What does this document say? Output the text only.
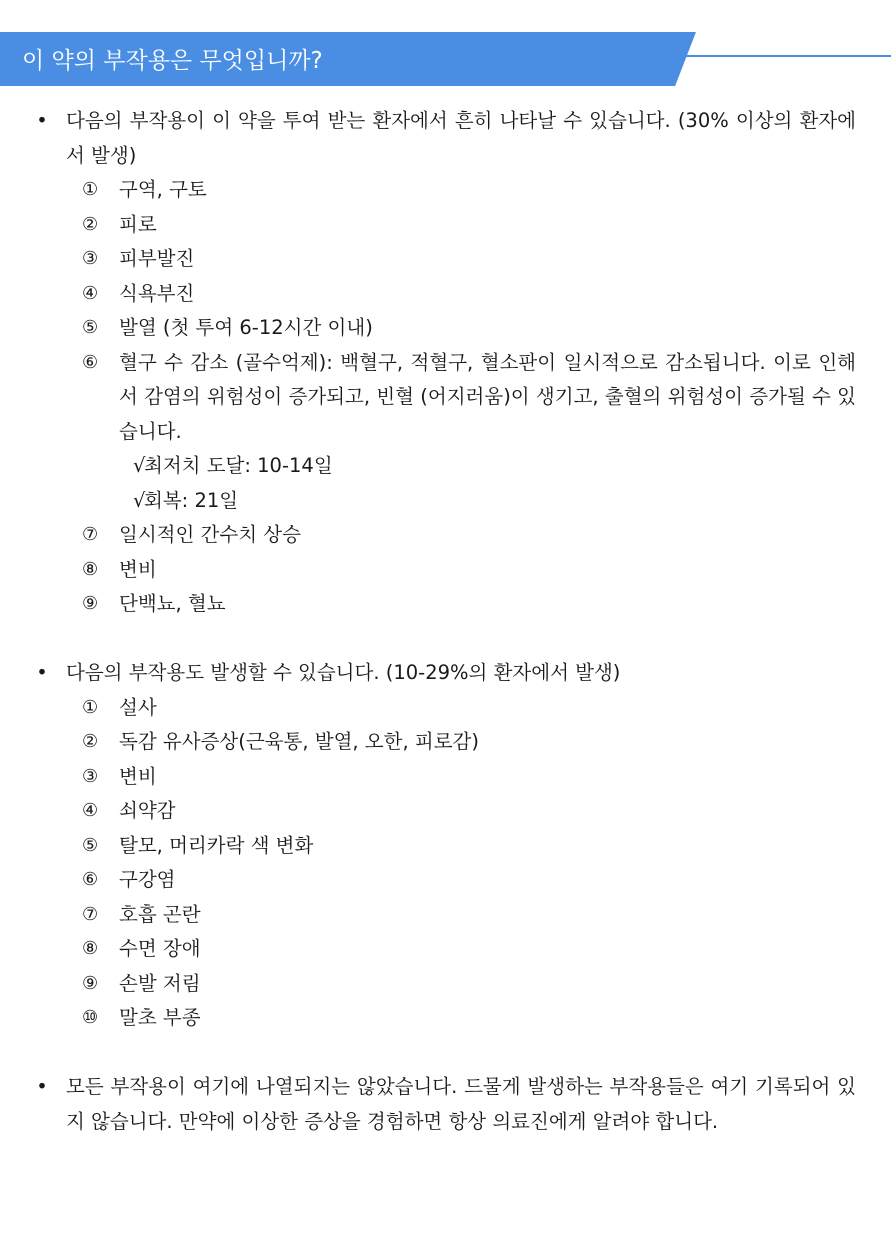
이 약의 부작용은 무엇입니까?
• 다음의 부작용이 이 약을 투여 받는 환자에서 흔히 나타날 수 있습니다. (30% 이상의 환자에서 발생)
①	구역, 구토
②	피로
③	피부발진
④	식욕부진
⑤	발열 (첫 투여 6-12시간 이내)
⑥	혈구 수 감소 (골수억제): 백혈구, 적혈구, 혈소판이 일시적으로 감소됩니다. 이로 인해서 감염의 위험성이 증가되고, 빈혈 (어지러움)이 생기고, 출혈의 위험성이 증가될 수 있습니다.
√
최저치 도달: 10-14일
√
회복: 21일
⑦	일시적인 간수치 상승
⑧	변비
⑨	단백뇨, 혈뇨
• 다음의 부작용도 발생할 수 있습니다. (10-29%의 환자에서 발생)
①	설사
②	독감 유사증상(근육통, 발열, 오한, 피로감)
③	변비
④	쇠약감
⑤	탈모, 머리카락 색 변화
⑥	구강염
⑦	호흡 곤란
⑧	수면 장애
⑨	손발 저림
⑩	말초 부종
• 모든 부작용이 여기에 나열되지는 않았습니다. 드물게 발생하는 부작용들은 여기 기록되어 있지 않습니다. 만약에 이상한 증상을 경험하면 항상 의료진에게 알려야 합니다.
